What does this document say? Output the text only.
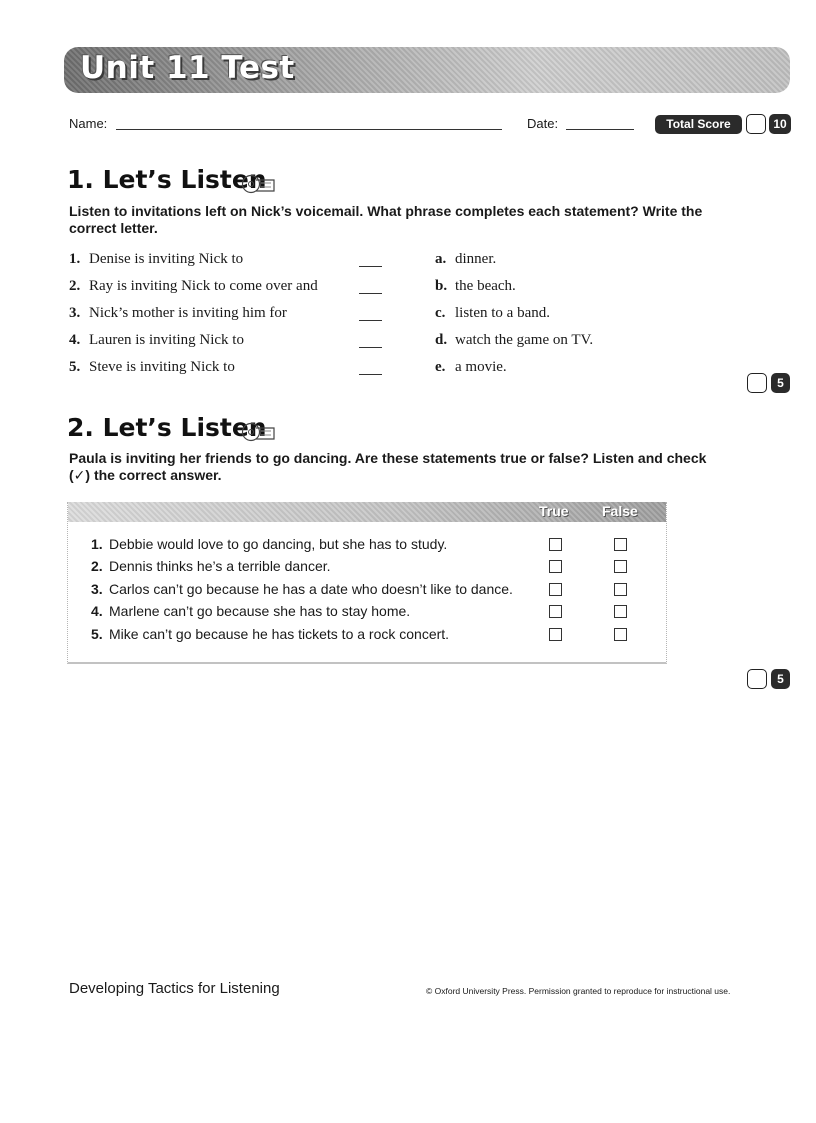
Unit 11 Test
Name:	Date:	Total Score	10
1. Let’s Listen
Listen to invitations left on Nick’s voicemail. What phrase completes each statement? Write the correct letter.
1. Denise is inviting Nick to
2. Ray is inviting Nick to come over and
3. Nick’s mother is inviting him for
4. Lauren is inviting Nick to
5. Steve is inviting Nick to
a. dinner.
b. the beach.
c. listen to a band.
d. watch the game on TV.
e. a movie.
5
2. Let’s Listen
Paula is inviting her friends to go dancing. Are these statements true or false? Listen and check (✓) the correct answer.
True False
1. Debbie would love to go dancing, but she has to study.
2. Dennis thinks he’s a terrible dancer.
3. Carlos can’t go because he has a date who doesn’t like to dance.
4. Marlene can’t go because she has to stay home.
5. Mike can’t go because he has tickets to a rock concert.
5
Developing Tactics for Listening	© Oxford University Press. Permission granted to reproduce for instructional use.
